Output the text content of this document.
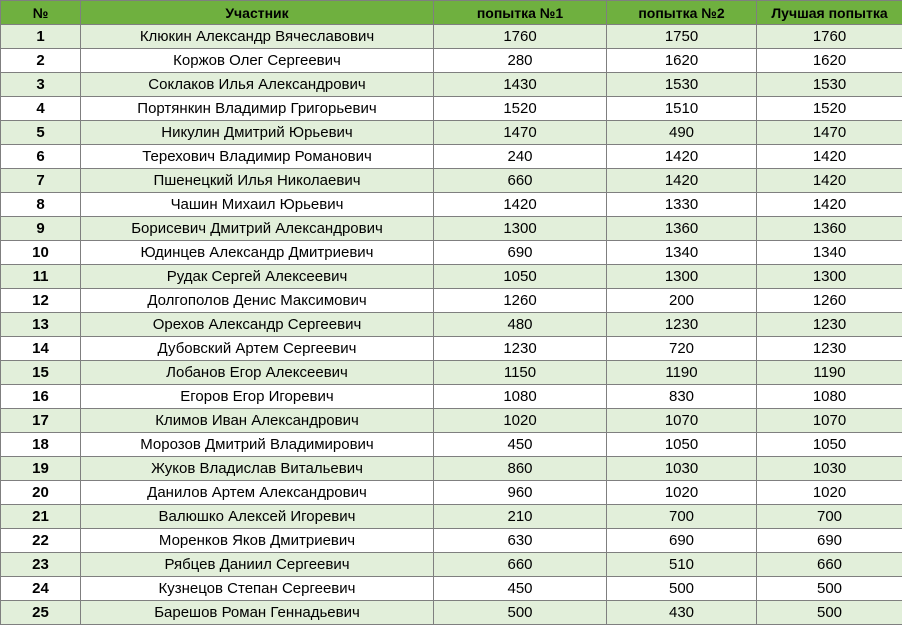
№	Участник	попытка №1	попытка №2	Лучшая попытка
1	Клюкин Александр Вячеславович	1760	1750	1760
2	Коржов Олег Сергеевич	280	1620	1620
3	Соклаков Илья Александрович	1430	1530	1530
4	Портянкин Владимир Григорьевич	1520	1510	1520
5	Никулин Дмитрий Юрьевич	1470	490	1470
6	Терехович Владимир Романович	240	1420	1420
7	Пшенецкий Илья Николаевич	660	1420	1420
8	Чашин Михаил Юрьевич	1420	1330	1420
9	Борисевич Дмитрий Александрович	1300	1360	1360
10	Юдинцев Александр Дмитриевич	690	1340	1340
11	Рудак Сергей Алексеевич	1050	1300	1300
12	Долгополов Денис Максимович	1260	200	1260
13	Орехов Александр Сергеевич	480	1230	1230
14	Дубовский Артем Сергеевич	1230	720	1230
15	Лобанов Егор Алексеевич	1150	1190	1190
16	Егоров Егор Игоревич	1080	830	1080
17	Климов Иван Александрович	1020	1070	1070
18	Морозов Дмитрий Владимирович	450	1050	1050
19	Жуков Владислав Витальевич	860	1030	1030
20	Данилов Артем Александрович	960	1020	1020
21	Валюшко Алексей Игоревич	210	700	700
22	Моренков Яков Дмитриевич	630	690	690
23	Рябцев Даниил Сергеевич	660	510	660
24	Кузнецов Степан Сергеевич	450	500	500
25	Барешов Роман Геннадьевич	500	430	500
